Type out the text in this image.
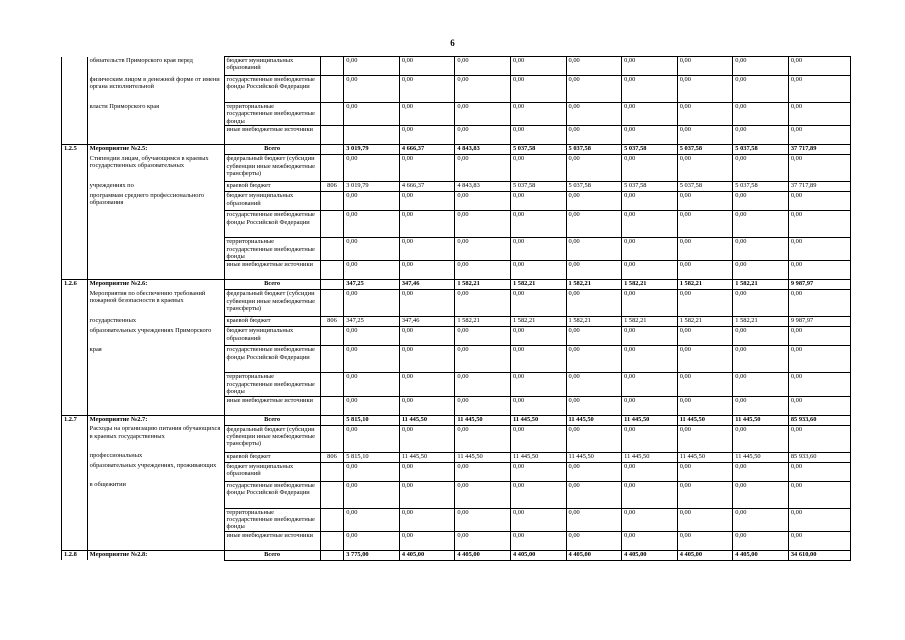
6
	обязательств Приморского края перед	бюджет муниципальных образований		0,00	0,00	0,00	0,00	0,00	0,00	0,00	0,00	0,00
	физическим лицом в денежной форме от имени органа исполнительной	государственные внебюджетные фонды Российской Федерации		0,00	0,00	0,00	0,00	0,00	0,00	0,00	0,00	0,00
	власти Приморского края	территориальные государственные внебюджетные фонды		0,00	0,00	0,00	0,00	0,00	0,00	0,00	0,00	0,00
		иные внебюджетные источники			0,00	0,00	0,00	0,00	0,00	0,00	0,00	0,00
1.2.5	Мероприятие №2.5:	Всего		3 019,79	4 666,37	4 843,83	5 037,58	5 037,58	5 037,58	5 037,58	5 037,58	37 717,89
	Стипендии лицам, обучающимся в краевых государственных образовательных	федеральный бюджет (субсидии субвенции иные межбюджетные трансферты)		0,00	0,00	0,00	0,00	0,00	0,00	0,00	0,00	0,00
	учреждениях по	краевой бюджет	806	3 019,79	4 666,37	4 843,83	5 037,58	5 037,58	5 037,58	5 037,58	5 037,58	37 717,89
	программам среднего профессионального образования	бюджет муниципальных образований		0,00	0,00	0,00	0,00	0,00	0,00	0,00	0,00	0,00
		государственные внебюджетные фонды Российской Федерации		0,00	0,00	0,00	0,00	0,00	0,00	0,00	0,00	0,00
		территориальные государственные внебюджетные фонды		0,00	0,00	0,00	0,00	0,00	0,00	0,00	0,00	0,00
		иные внебюджетные источники		0,00	0,00	0,00	0,00	0,00	0,00	0,00	0,00	0,00
1.2.6	Мероприятие №2.6:	Всего		347,25	347,46	1 582,21	1 582,21	1 582,21	1 582,21	1 582,21	1 582,21	9 987,97
	Мероприятия по обеспечению требований пожарной безопасности в краевых	федеральный бюджет (субсидии субвенции иные межбюджетные трансферты)		0,00	0,00	0,00	0,00	0,00	0,00	0,00	0,00	0,00
	государственных	краевой бюджет	806	347,25	347,46	1 582,21	1 582,21	1 582,21	1 582,21	1 582,21	1 582,21	9 987,97
	образовательных учреждениях Приморского	бюджет муниципальных образований		0,00	0,00	0,00	0,00	0,00	0,00	0,00	0,00	0,00
	края	государственные внебюджетные фонды Российской Федерации		0,00	0,00	0,00	0,00	0,00	0,00	0,00	0,00	0,00
		территориальные государственные внебюджетные фонды		0,00	0,00	0,00	0,00	0,00	0,00	0,00	0,00	0,00
		иные внебюджетные источники		0,00	0,00	0,00	0,00	0,00	0,00	0,00	0,00	0,00
1.2.7	Мероприятие №2.7:	Всего		5 815,10	11 445,50	11 445,50	11 445,50	11 445,50	11 445,50	11 445,50	11 445,50	85 933,60
	Расходы на организацию питания обучающихся в краевых государственных	федеральный бюджет (субсидии субвенции иные межбюджетные трансферты)		0,00	0,00	0,00	0,00	0,00	0,00	0,00	0,00	0,00
	профессиональных	краевой бюджет	806	5 815,10	11 445,50	11 445,50	11 445,50	11 445,50	11 445,50	11 445,50	11 445,50	85 933,60
	образовательных учреждениях, проживающих	бюджет муниципальных образований		0,00	0,00	0,00	0,00	0,00	0,00	0,00	0,00	0,00
	в общежитии	государственные внебюджетные фонды Российской Федерации		0,00	0,00	0,00	0,00	0,00	0,00	0,00	0,00	0,00
		территориальные государственные внебюджетные фонды		0,00	0,00	0,00	0,00	0,00	0,00	0,00	0,00	0,00
		иные внебюджетные источники		0,00	0,00	0,00	0,00	0,00	0,00	0,00	0,00	0,00
1.2.8	Мероприятие №2.8:	Всего		3 775,00	4 405,00	4 405,00	4 405,00	4 405,00	4 405,00	4 405,00	4 405,00	34 610,00
